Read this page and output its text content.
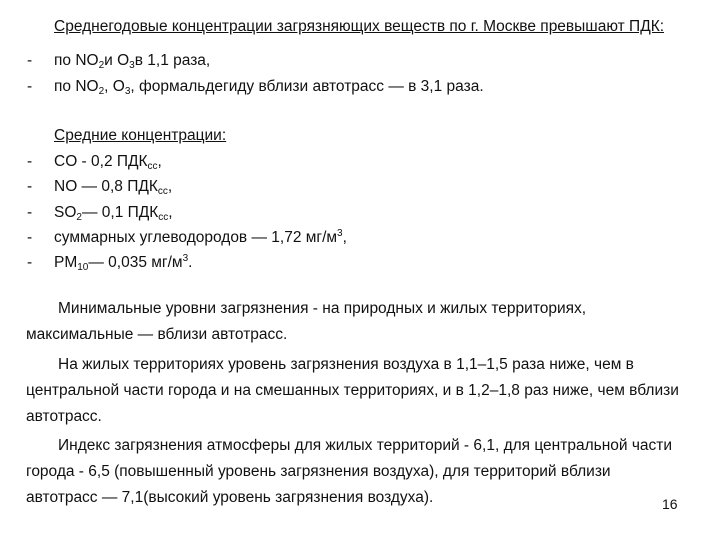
Среднегодовые концентрации загрязняющих веществ по г. Москве превышают ПДК:
- по $NO_2и$ $O_3в$ 1,1 раза,
- по $NO_2$, $O_3$, формальдегиду вблизи автотрасс — в 3,1 раза.
Средние концентрации:
- CO - 0,2 $ПДК_{сс}$,
- NO — 0,8 $ПДК_{сс}$,
- $SO_2—$ 0,1 $ПДК_{сс}$,
- суммарных углеводородов — 1,72 $мг/м^3$,
- $PM_{10}—$ 0,035 $мг/м^3$.
Минимальные уровни загрязнения - на природных и жилых территориях,
максимальные — вблизи автотрасс.
На жилых территориях уровень загрязнения воздуха в 1,1–1,5 раза ниже, чем в
центральной части города и на смешанных территориях, и в 1,2–1,8 раз ниже, чем вблизи
автотрасс.
Индекс загрязнения атмосферы для жилых территорий - 6,1, для центральной части
города - 6,5 (повышенный уровень загрязнения воздуха), для территорий вблизи
автотрасс — 7,1(высокий уровень загрязнения воздуха).	16
